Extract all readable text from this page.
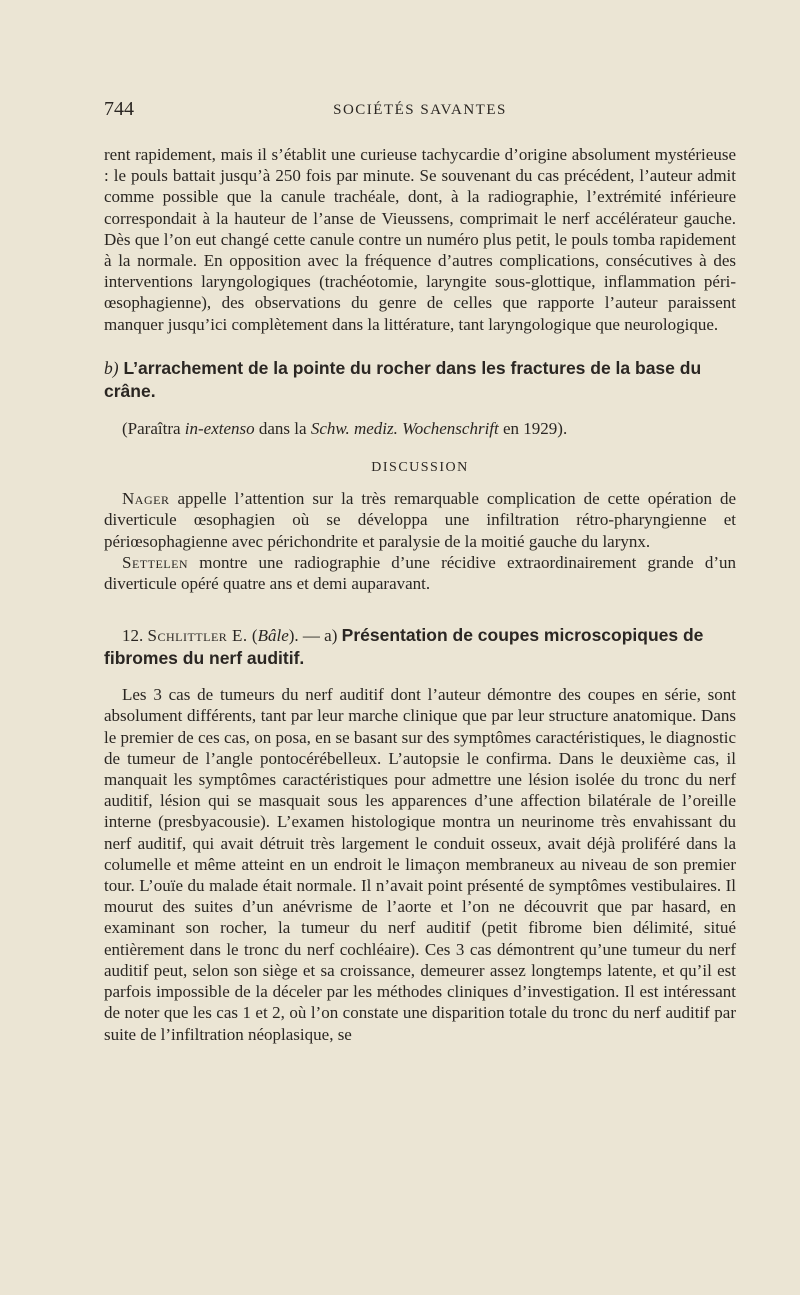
744	SOCIÉTÉS SAVANTES

rent rapidement, mais il s’établit une curieuse tachycardie d’origine absolument mystérieuse : le pouls battait jusqu’à 250 fois par minute. Se souvenant du cas précédent, l’auteur admit comme possible que la canule trachéale, dont, à la radiographie, l’extrémité inférieure correspondait à la hauteur de l’anse de Vieussens, comprimait le nerf accélérateur gauche. Dès que l’on eut changé cette canule contre un numéro plus petit, le pouls tomba rapidement à la normale. En opposition avec la fréquence d’autres complications, consécutives à des interventions laryngologiques (trachéotomie, laryngite sous-glottique, inflammation péri-œsophagienne), des observations du genre de celles que rapporte l’auteur paraissent manquer jusqu’ici complètement dans la littérature, tant laryngologique que neurologique.

b) L’arrachement de la pointe du rocher dans les fractures de la base du crâne.

(Paraîtra in-extenso dans la Schw. mediz. Wochenschrift en 1929).

DISCUSSION

Nager appelle l’attention sur la très remarquable complication de cette opération de diverticule œsophagien où se développa une infiltration rétro-pharyngienne et périœsophagienne avec périchondrite et paralysie de la moitié gauche du larynx.

Settelen montre une radiographie d’une récidive extraordinairement grande d’un diverticule opéré quatre ans et demi auparavant.

12. Schlittler E. (Bâle). — a) Présentation de coupes microscopiques de fibromes du nerf auditif.

Les 3 cas de tumeurs du nerf auditif dont l’auteur démontre des coupes en série, sont absolument différents, tant par leur marche clinique que par leur structure anatomique. Dans le premier de ces cas, on posa, en se basant sur des symptômes caractéristiques, le diagnostic de tumeur de l’angle pontocérébelleux. L’autopsie le confirma. Dans le deuxième cas, il manquait les symptômes caractéristiques pour admettre une lésion isolée du tronc du nerf auditif, lésion qui se masquait sous les apparences d’une affection bilatérale de l’oreille interne (presbyacousie). L’examen histologique montra un neurinome très envahissant du nerf auditif, qui avait détruit très largement le conduit osseux, avait déjà proliféré dans la columelle et même atteint en un endroit le limaçon membraneux au niveau de son premier tour. L’ouïe du malade était normale. Il n’avait point présenté de symptômes vestibulaires. Il mourut des suites d’un anévrisme de l’aorte et l’on ne découvrit que par hasard, en examinant son rocher, la tumeur du nerf auditif (petit fibrome bien délimité, situé entièrement dans le tronc du nerf cochléaire). Ces 3 cas démontrent qu’une tumeur du nerf auditif peut, selon son siège et sa croissance, demeurer assez longtemps latente, et qu’il est parfois impossible de la déceler par les méthodes cliniques d’investigation. Il est intéressant de noter que les cas 1 et 2, où l’on constate une disparition totale du tronc du nerf auditif par suite de l’infiltration néoplasique, se
